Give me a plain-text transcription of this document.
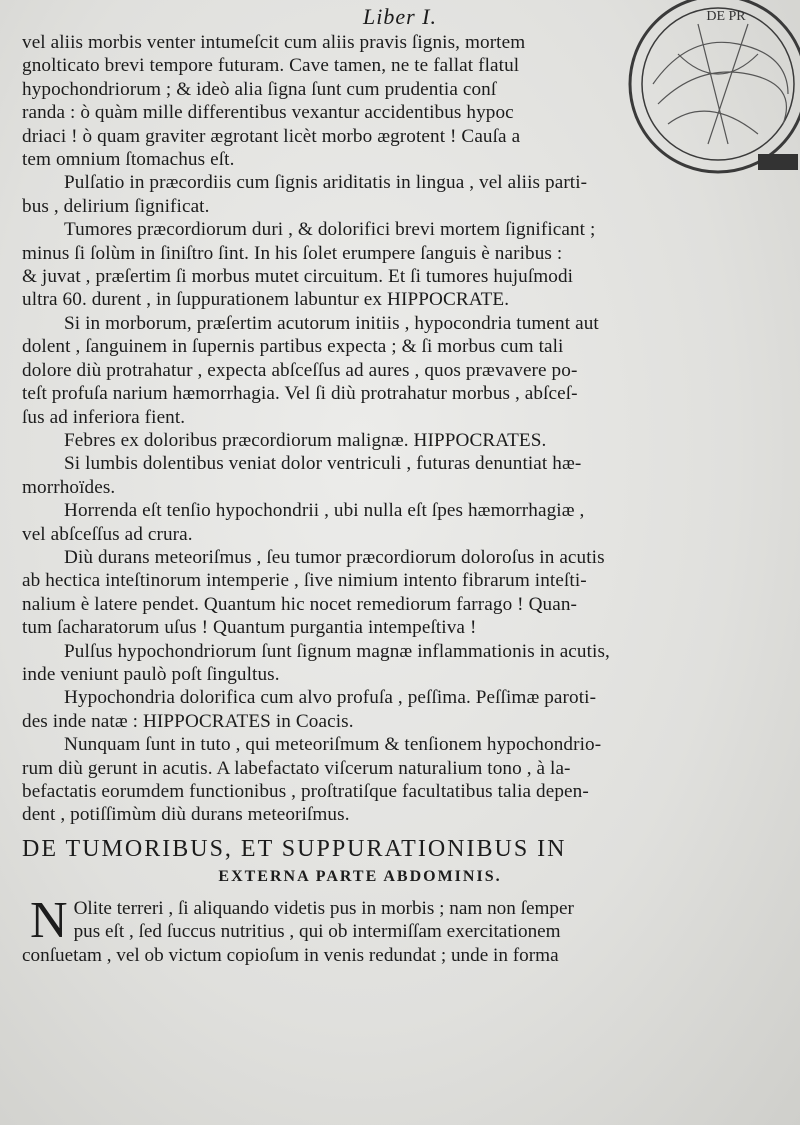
DE PR
Liber I.
vel aliis morbis venter intumeſcit cum aliis pravis ſignis, mortem
gnolticato brevi tempore futuram. Cave tamen, ne te fallat flatul
hypochondriorum ; & ideò alia ſigna ſunt cum prudentia conſ
randa : ò quàm mille differentibus vexantur accidentibus hypoc
driaci ! ò quam graviter ægrotant licèt morbo ægrotent ! Cauſa a
tem omnium ſtomachus eſt.
Pulſatio in præcordiis cum ſignis ariditatis in lingua , vel aliis parti-
bus , delirium ſignificat.
Tumores præcordiorum duri , & dolorifici brevi mortem ſignificant ;
minus ſi ſolùm in ſiniſtro ſint. In his ſolet erumpere ſanguis è naribus :
& juvat , præſertim ſi morbus mutet circuitum. Et ſi tumores hujuſmodi
ultra 60. durent , in ſuppurationem labuntur ex HIPPOCRATE.
Si in morborum, præſertim acutorum initiis , hypocondria tument aut
dolent , ſanguinem in ſupernis partibus expecta ; & ſi morbus cum tali
dolore diù protrahatur , expecta abſceſſus ad aures , quos prævavere po-
teſt profuſa narium hæmorrhagia. Vel ſi diù protrahatur morbus , abſceſ-
ſus ad inferiora fient.
Febres ex doloribus præcordiorum malignæ. HIPPOCRATES.
Si lumbis dolentibus veniat dolor ventriculi , futuras denuntiat hæ-
morrhoïdes.
Horrenda eſt tenſio hypochondrii , ubi nulla eſt ſpes hæmorrhagiæ ,
vel abſceſſus ad crura.
Diù durans meteoriſmus , ſeu tumor præcordiorum doloroſus in acutis
ab hectica inteſtinorum intemperie , ſive nimium intento fibrarum inteſti-
nalium è latere pendet. Quantum hic nocet remediorum farrago ! Quan-
tum ſacharatorum uſus ! Quantum purgantia intempeſtiva !
Pulſus hypochondriorum ſunt ſignum magnæ inflammationis in acutis,
inde veniunt paulò poſt ſingultus.
Hypochondria dolorifica cum alvo profuſa , peſſima. Peſſimæ paroti-
des inde natæ : HIPPOCRATES in Coacis.
Nunquam ſunt in tuto , qui meteoriſmum & tenſionem hypochondrio-
rum diù gerunt in acutis. A labefactato viſcerum naturalium tono , à la-
befactatis eorumdem functionibus , proſtratiſque facultatibus talia depen-
dent , potiſſimùm diù durans meteoriſmus.
DE TUMORIBUS, ET SUPPURATIONIBUS IN
EXTERNA PARTE ABDOMINIS.
N Olite terreri , ſi aliquando videtis pus in morbis ; nam non ſemper
pus eſt , ſed ſuccus nutritius , qui ob intermiſſam exercitationem
conſuetam , vel ob victum copioſum in venis redundat ; unde in forma
